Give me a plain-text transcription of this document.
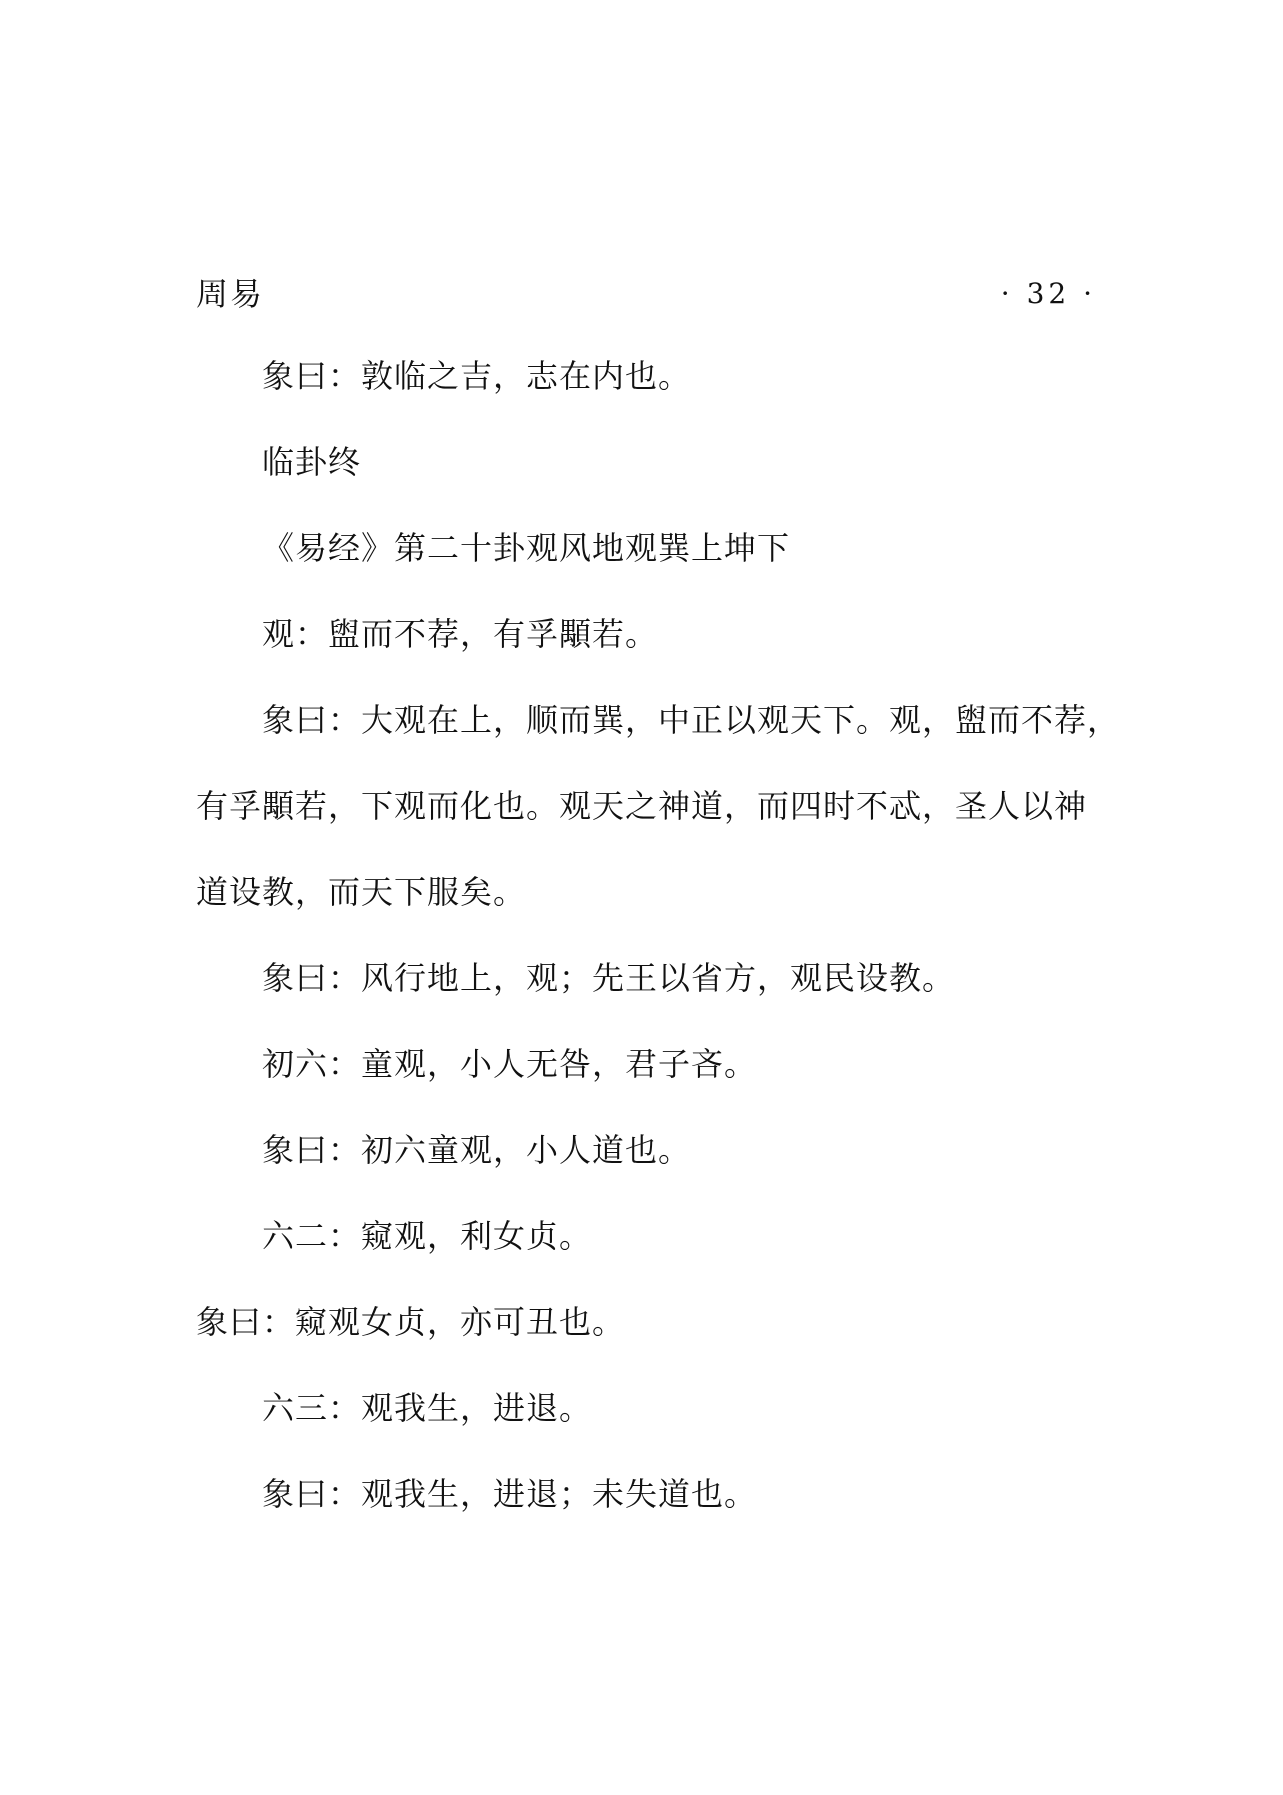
周易	· 32 ·
象曰：敦临之吉，志在内也。
临卦终
《易经》第二十卦观风地观巽上坤下
观：盥而不荐，有孚顒若。
象曰：大观在上，顺而巽，中正以观天下。观，盥而不荐，
有孚顒若，下观而化也。观天之神道，而四时不忒，圣人以神
道设教，而天下服矣。
象曰：风行地上，观；先王以省方，观民设教。
初六：童观，小人无咎，君子吝。
象曰：初六童观，小人道也。
六二：窥观，利女贞。
象曰：窥观女贞，亦可丑也。
六三：观我生，进退。
象曰：观我生，进退；未失道也。
